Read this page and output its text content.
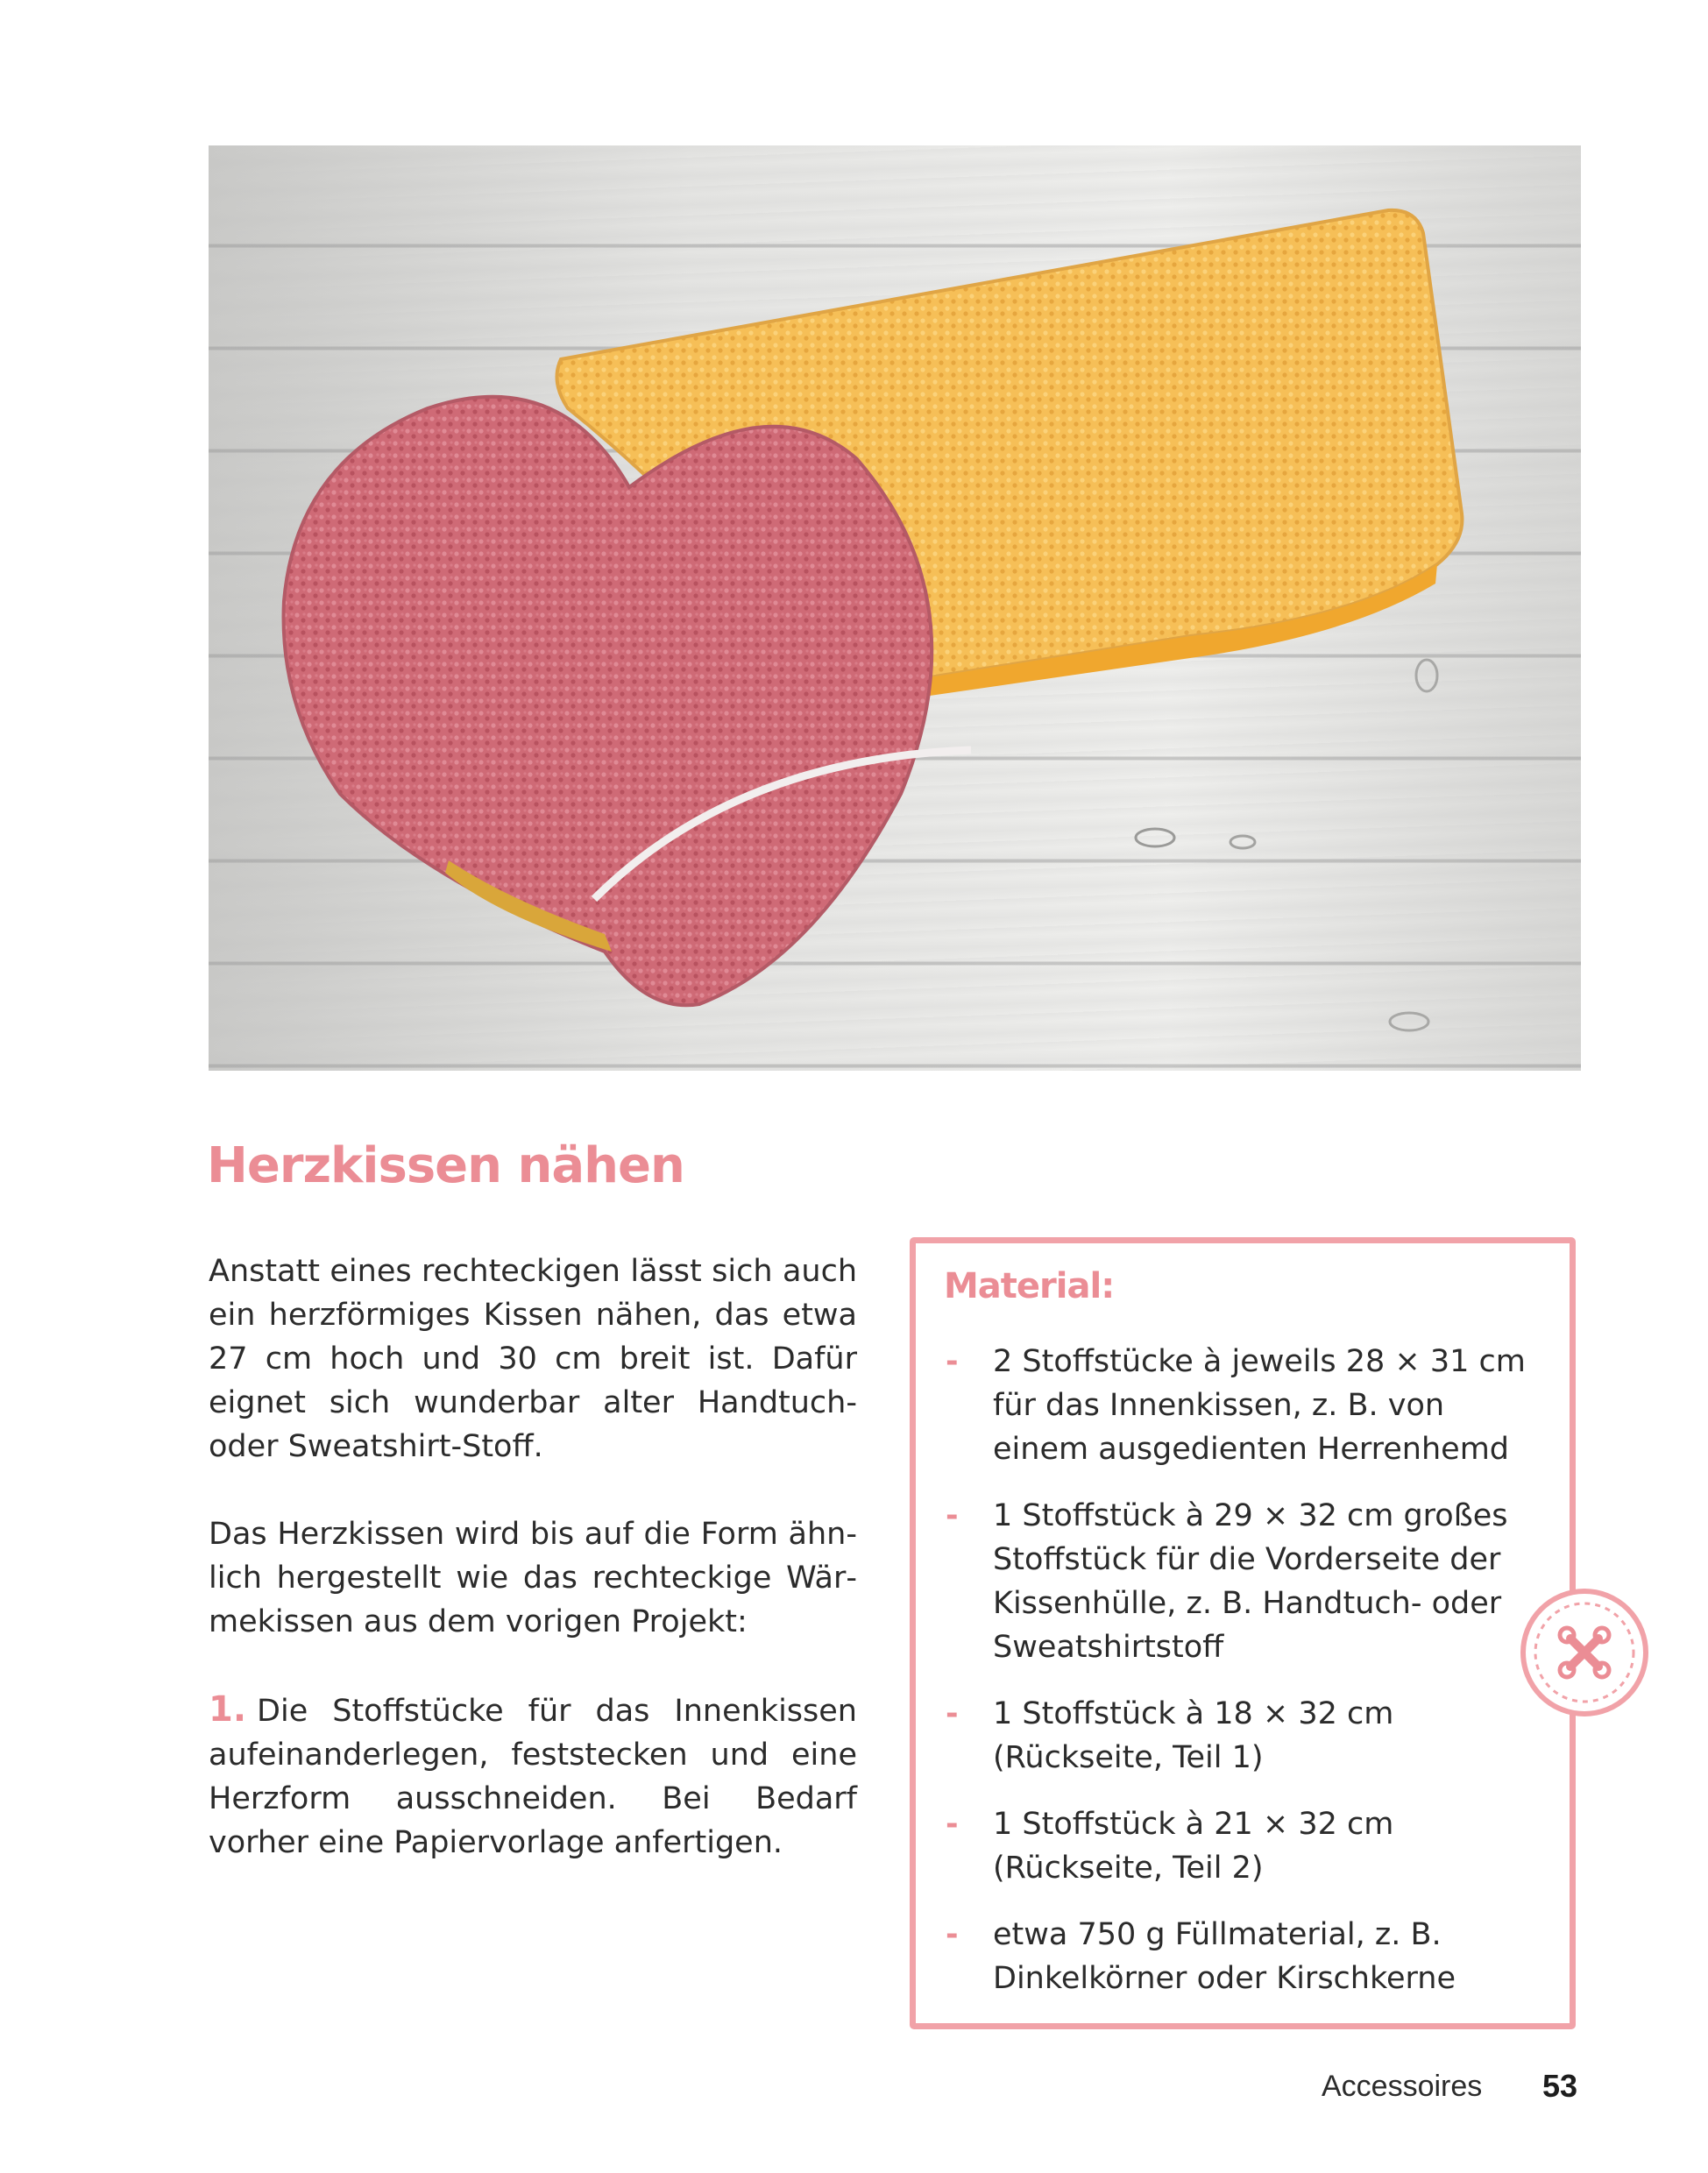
Herzkissen nähen

Anstatt eines rechteckigen lässt sich auch ein herzförmiges Kissen nähen, das etwa 27 cm hoch und 30 cm breit ist. Dafür eignet sich wunderbar alter Handtuch- oder Sweatshirt-Stoff.

Das Herzkissen wird bis auf die Form ähnlich hergestellt wie das rechteckige Wärmekissen aus dem vorigen Projekt:

1. Die Stoffstücke für das Innenkissen aufeinanderlegen, feststecken und eine Herzform ausschneiden. Bei Bedarf vorher eine Papiervorlage anfertigen.

Material:
- 2 Stoffstücke à jeweils 28 × 31 cm für das Innenkissen, z. B. von einem ausgedienten Herrenhemd
- 1 Stoffstück à 29 × 32 cm großes Stoffstück für die Vorderseite der Kissenhülle, z. B. Handtuch- oder Sweatshirtstoff
- 1 Stoffstück à 18 × 32 cm (Rückseite, Teil 1)
- 1 Stoffstück à 21 × 32 cm (Rückseite, Teil 2)
- etwa 750 g Füllmaterial, z. B. Dinkelkörner oder Kirschkerne
Accessoires 53
